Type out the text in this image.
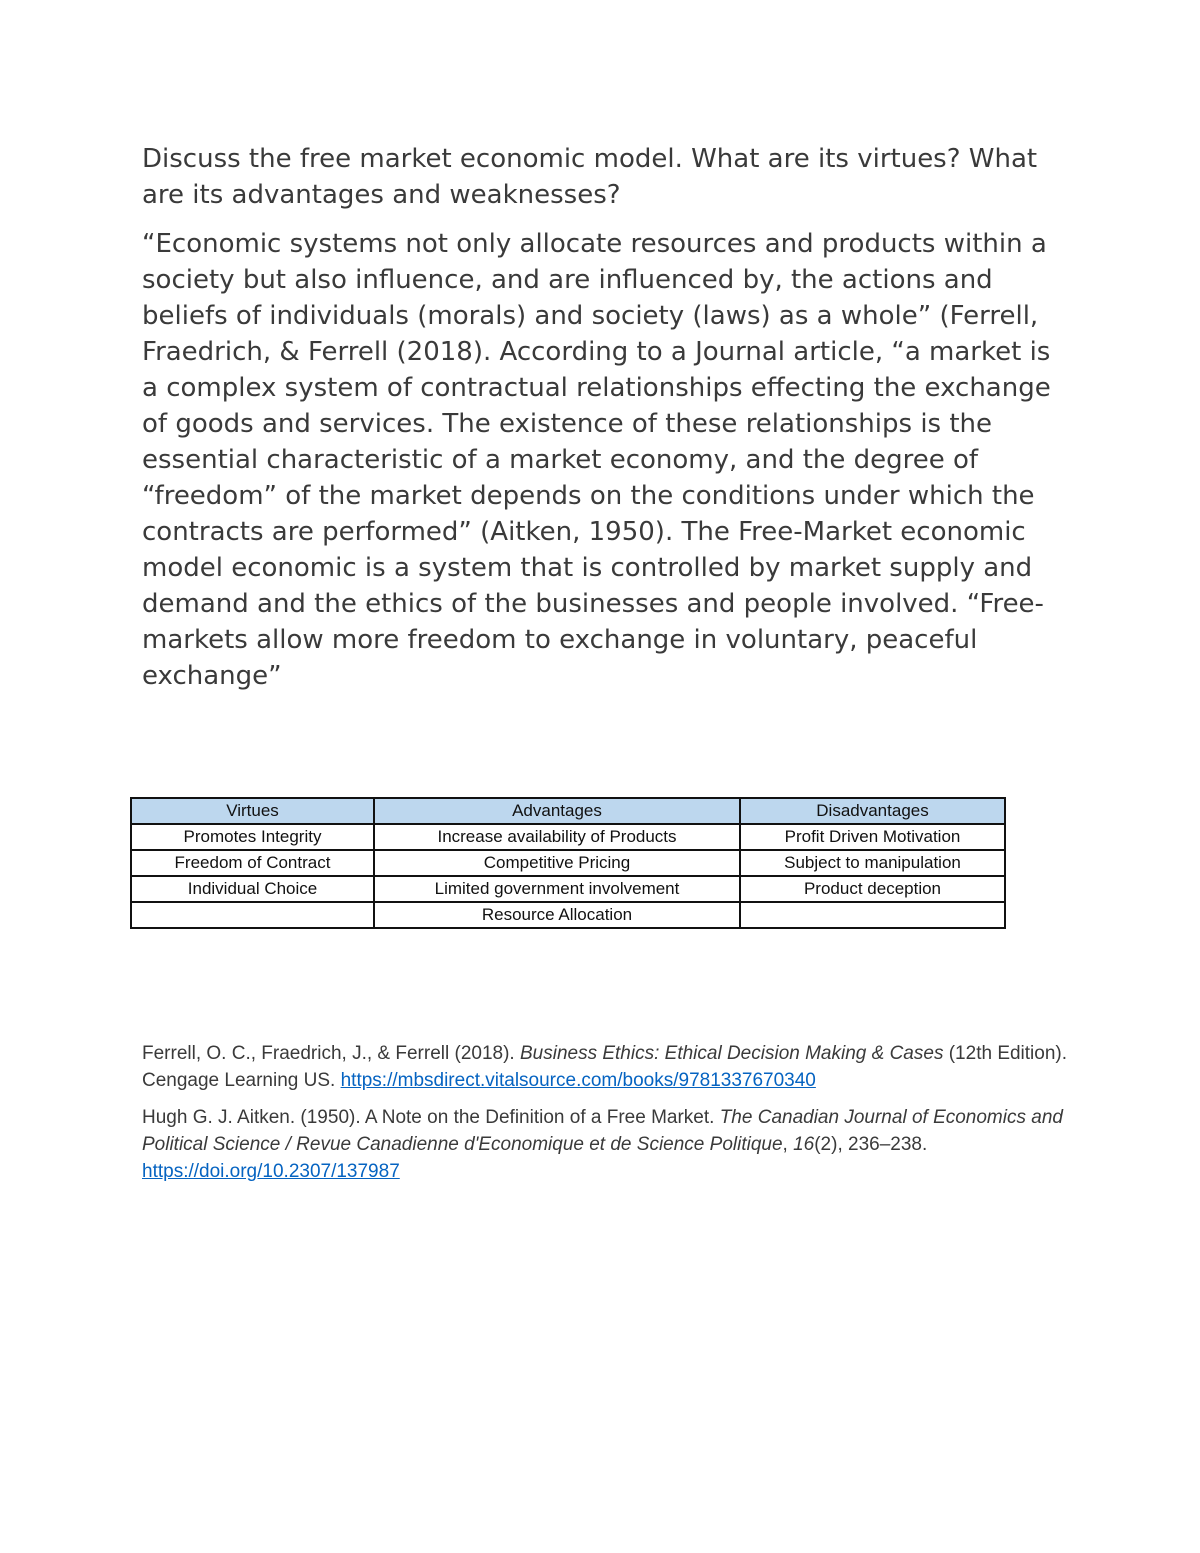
Discuss the free market economic model. What are its virtues? What are its advantages and weaknesses?

“Economic systems not only allocate resources and products within a society but also influence, and are influenced by, the actions and beliefs of individuals (morals) and society (laws) as a whole” (Ferrell, Fraedrich, & Ferrell (2018). According to a Journal article, “a market is a complex system of contractual relationships effecting the exchange of goods and services. The existence of these relationships is the essential characteristic of a market economy, and the degree of “freedom” of the market depends on the conditions under which the contracts are performed” (Aitken, 1950). The Free-Market economic model economic is a system that is controlled by market supply and demand and the ethics of the businesses and people involved. “Free-markets allow more freedom to exchange in voluntary, peaceful exchange”

Virtues	Advantages	Disadvantages
Promotes Integrity	Increase availability of Products	Profit Driven Motivation
Freedom of Contract	Competitive Pricing	Subject to manipulation
Individual Choice	Limited government involvement	Product deception
	Resource Allocation	

Ferrell, O. C., Fraedrich, J., & Ferrell (2018). Business Ethics: Ethical Decision Making & Cases (12th Edition). Cengage Learning US. https://mbsdirect.vitalsource.com/books/9781337670340

Hugh G. J. Aitken. (1950). A Note on the Definition of a Free Market. The Canadian Journal of Economics and Political Science / Revue Canadienne d'Economique et de Science Politique, 16(2), 236–238. https://doi.org/10.2307/137987
